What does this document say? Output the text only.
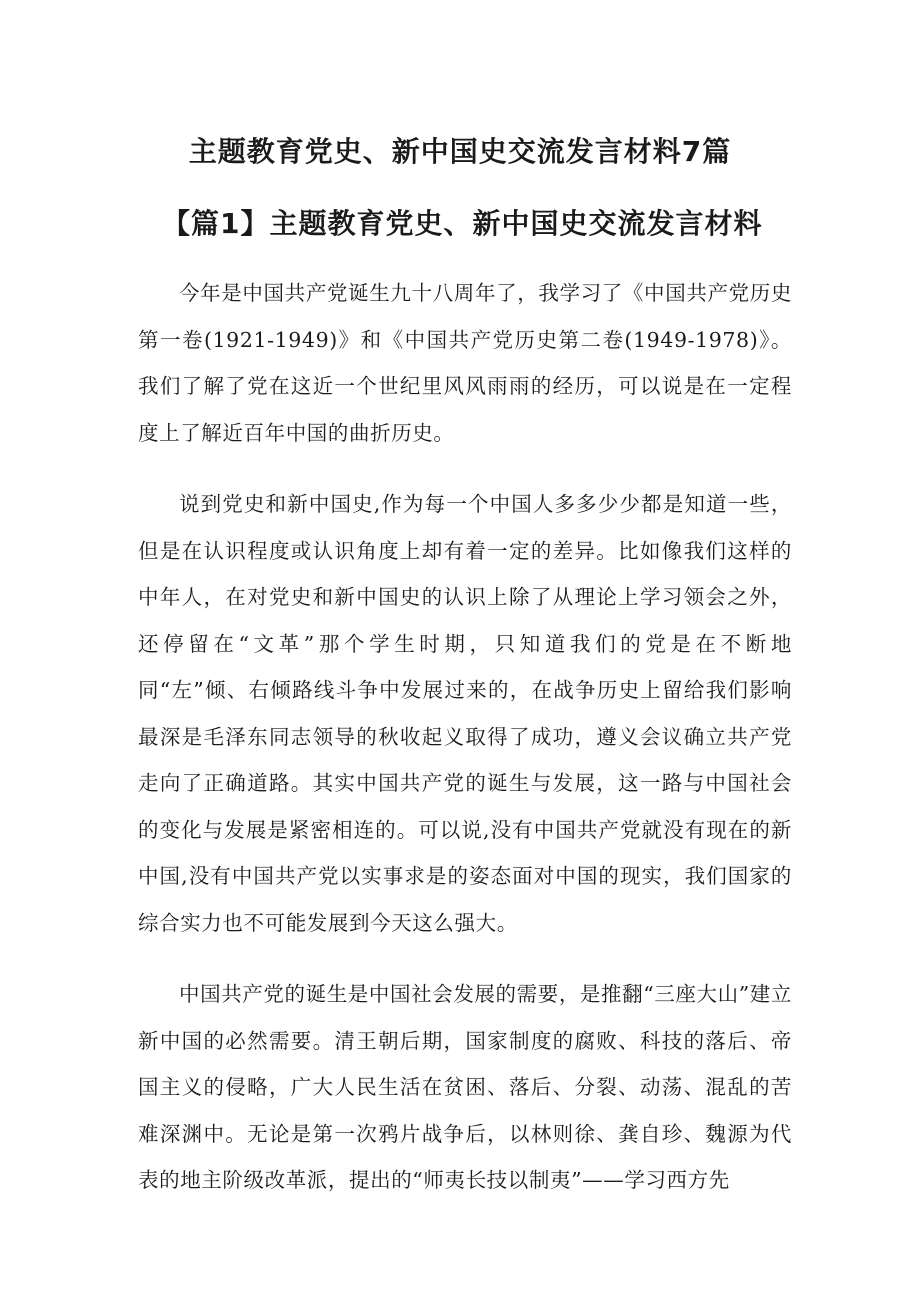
主题教育党史、新中国史交流发言材料7篇
【篇1】主题教育党史、新中国史交流发言材料

今年是中国共产党诞生九十八周年了，我学习了《中国共产党历史第一卷(1921-1949)》和《中国共产党历史第二卷(1949-1978)》。我们了解了党在这近一个世纪里风风雨雨的经历，可以说是在一定程度上了解近百年中国的曲折历史。

说到党史和新中国史,作为每一个中国人多多少少都是知道一些，但是在认识程度或认识角度上却有着一定的差异。比如像我们这样的中年人，在对党史和新中国史的认识上除了从理论上学习领会之外，还停留在“文革”那个学生时期，只知道我们的党是在不断地同“左”倾、右倾路线斗争中发展过来的，在战争历史上留给我们影响最深是毛泽东同志领导的秋收起义取得了成功，遵义会议确立共产党走向了正确道路。其实中国共产党的诞生与发展，这一路与中国社会的变化与发展是紧密相连的。可以说,没有中国共产党就没有现在的新中国,没有中国共产党以实事求是的姿态面对中国的现实，我们国家的综合实力也不可能发展到今天这么强大。

中国共产党的诞生是中国社会发展的需要，是推翻“三座大山”建立新中国的必然需要。清王朝后期，国家制度的腐败、科技的落后、帝国主义的侵略，广大人民生活在贫困、落后、分裂、动荡、混乱的苦难深渊中。无论是第一次鸦片战争后，以林则徐、龚自珍、魏源为代表的地主阶级改革派，提出的“师夷长技以制夷”——学习西方先
